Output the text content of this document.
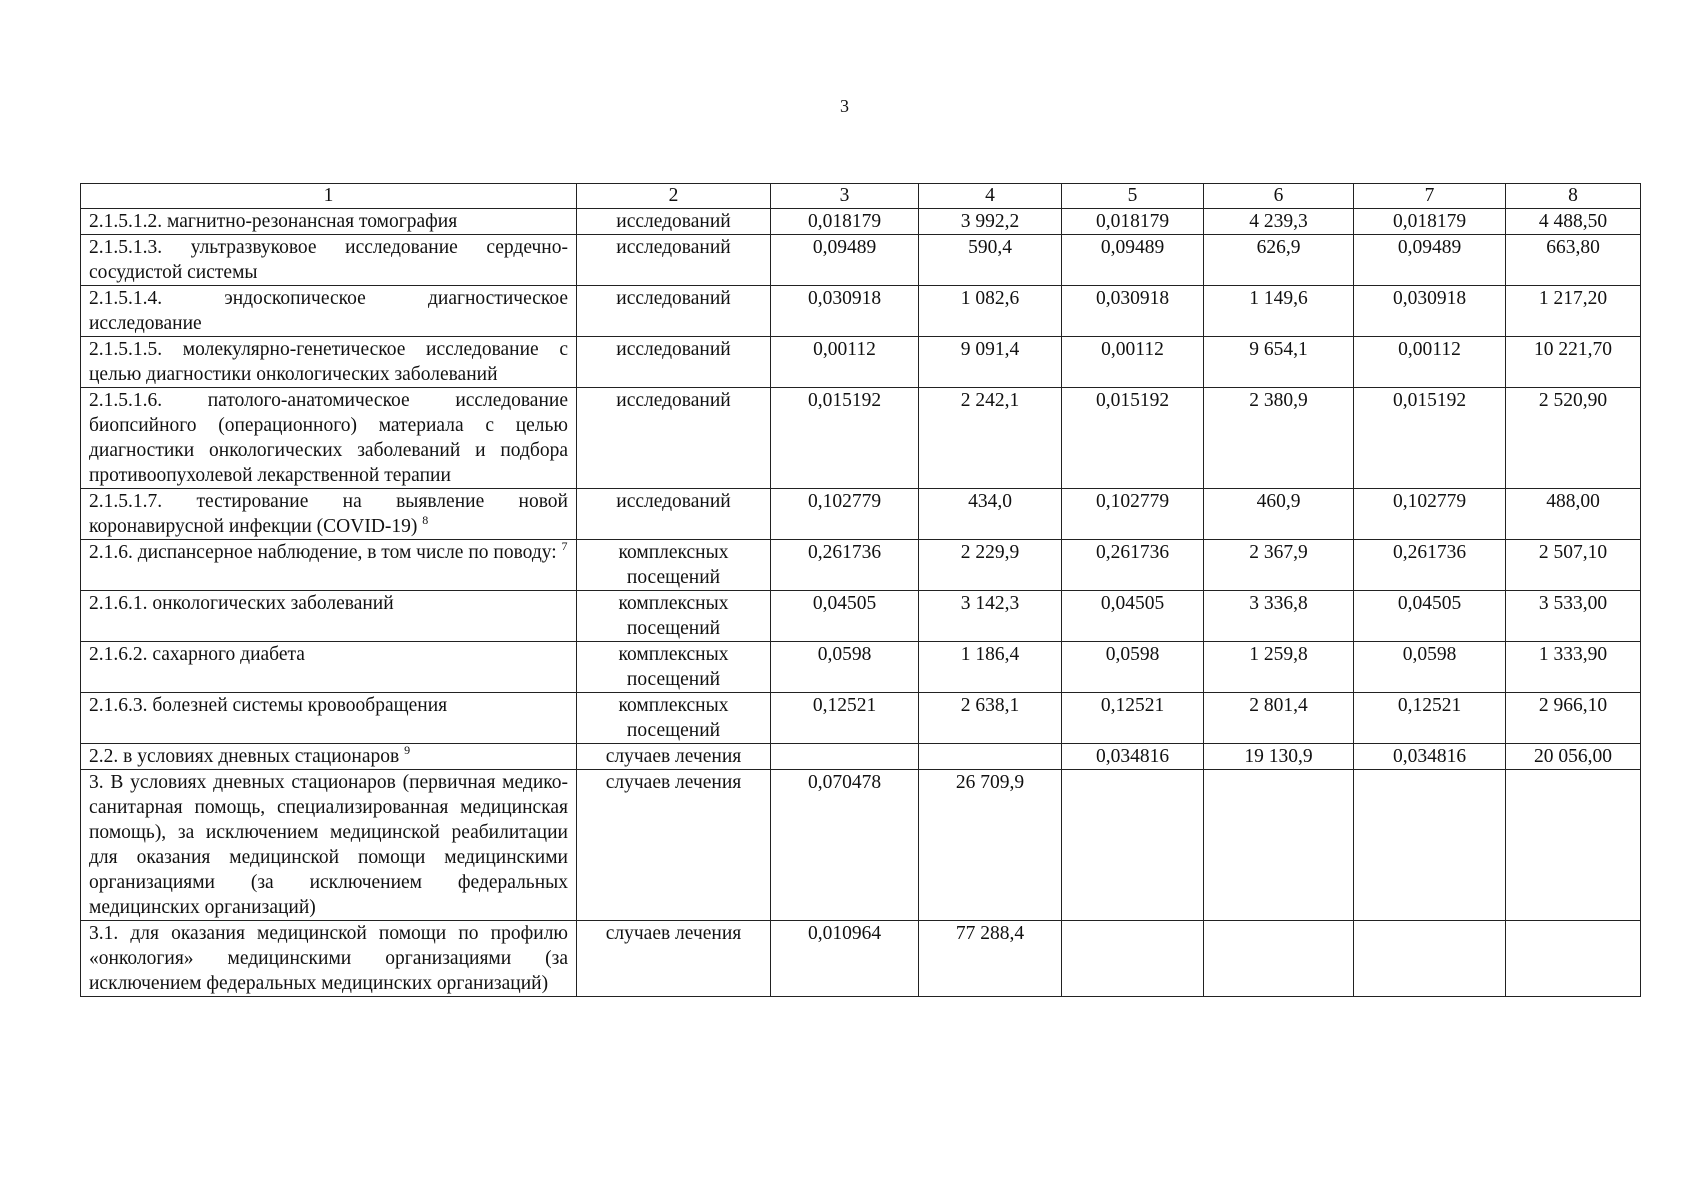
3
1	2	3	4	5	6	7	8
2.1.5.1.2. магнитно-резонансная томография	исследований	0,018179	3 992,2	0,018179	4 239,3	0,018179	4 488,50
2.1.5.1.3. ультразвуковое исследование сердечно-сосудистой системы	исследований	0,09489	590,4	0,09489	626,9	0,09489	663,80
2.1.5.1.4. эндоскопическое диагностическое исследование	исследований	0,030918	1 082,6	0,030918	1 149,6	0,030918	1 217,20
2.1.5.1.5. молекулярно-генетическое исследование с целью диагностики онкологических заболеваний	исследований	0,00112	9 091,4	0,00112	9 654,1	0,00112	10 221,70
2.1.5.1.6. патолого-анатомическое исследование биопсийного (операционного) материала с целью диагностики онкологических заболеваний и подбора противоопухолевой лекарственной терапии	исследований	0,015192	2 242,1	0,015192	2 380,9	0,015192	2 520,90
2.1.5.1.7. тестирование на выявление новой коронавирусной инфекции (COVID-19) $^8$	исследований	0,102779	434,0	0,102779	460,9	0,102779	488,00
2.1.6. диспансерное наблюдение, в том числе по поводу: $^7$	комплексных посещений	0,261736	2 229,9	0,261736	2 367,9	0,261736	2 507,10
2.1.6.1. онкологических заболеваний	комплексных посещений	0,04505	3 142,3	0,04505	3 336,8	0,04505	3 533,00
2.1.6.2. сахарного диабета	комплексных посещений	0,0598	1 186,4	0,0598	1 259,8	0,0598	1 333,90
2.1.6.3. болезней системы кровообращения	комплексных посещений	0,12521	2 638,1	0,12521	2 801,4	0,12521	2 966,10
2.2. в условиях дневных стационаров $^9$	случаев лечения			0,034816	19 130,9	0,034816	20 056,00
3. В условиях дневных стационаров (первичная медико-санитарная помощь, специализированная медицинская помощь), за исключением медицинской реабилитации для оказания медицинской помощи медицинскими организациями (за исключением федеральных медицинских организаций)	случаев лечения	0,070478	26 709,9				
3.1. для оказания медицинской помощи по профилю «онкология» медицинскими организациями (за исключением федеральных медицинских организаций)	случаев лечения	0,010964	77 288,4				
